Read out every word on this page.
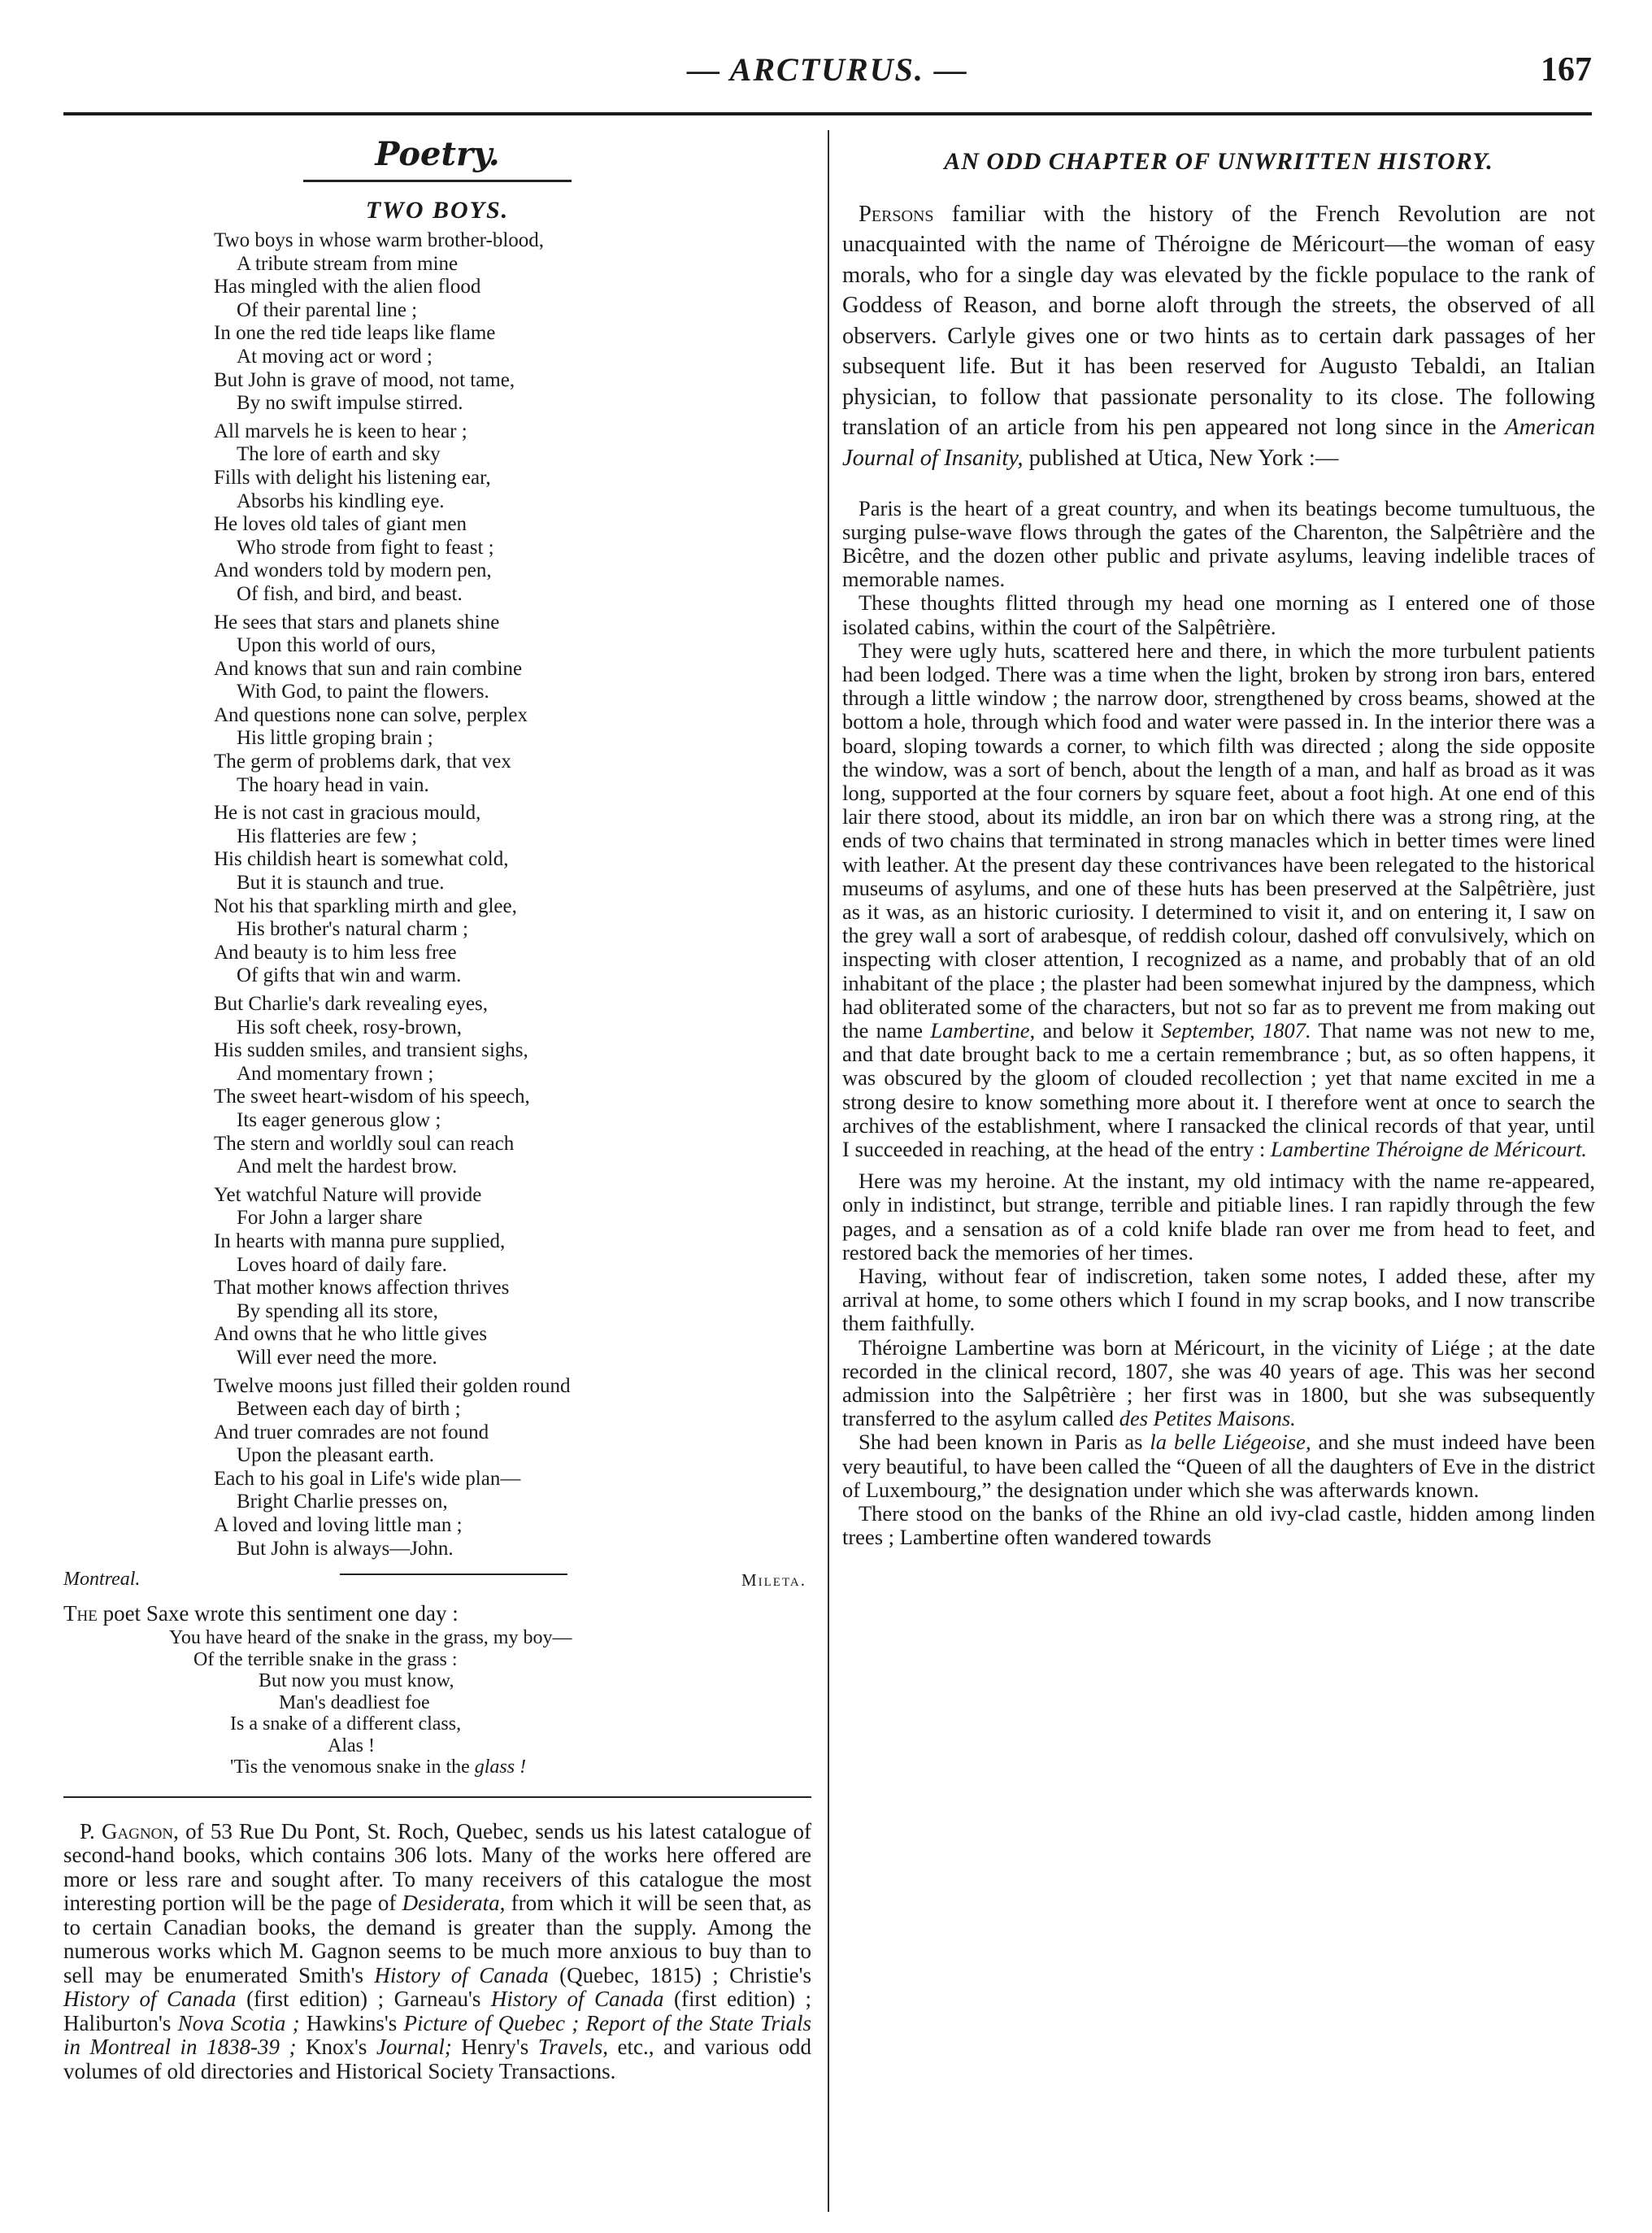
— ARCTURUS. —	167
Poetry.
TWO BOYS.
Two boys in whose warm brother-blood,
A tribute stream from mine
Has mingled with the alien flood
Of their parental line ;
In one the red tide leaps like flame
At moving act or word ;
But John is grave of mood, not tame,
By no swift impulse stirred.
All marvels he is keen to hear ;
The lore of earth and sky
Fills with delight his listening ear,
Absorbs his kindling eye.
He loves old tales of giant men
Who strode from fight to feast ;
And wonders told by modern pen,
Of fish, and bird, and beast.
He sees that stars and planets shine
Upon this world of ours,
And knows that sun and rain combine
With God, to paint the flowers.
And questions none can solve, perplex
His little groping brain ;
The germ of problems dark, that vex
The hoary head in vain.
He is not cast in gracious mould,
His flatteries are few ;
His childish heart is somewhat cold,
But it is staunch and true.
Not his that sparkling mirth and glee,
His brother's natural charm ;
And beauty is to him less free
Of gifts that win and warm.
But Charlie's dark revealing eyes,
His soft cheek, rosy-brown,
His sudden smiles, and transient sighs,
And momentary frown ;
The sweet heart-wisdom of his speech,
Its eager generous glow ;
The stern and worldly soul can reach
And melt the hardest brow.
Yet watchful Nature will provide
For John a larger share
In hearts with manna pure supplied,
Loves hoard of daily fare.
That mother knows affection thrives
By spending all its store,
And owns that he who little gives
Will ever need the more.
Twelve moons just filled their golden round
Between each day of birth ;
And truer comrades are not found
Upon the pleasant earth.
Each to his goal in Life's wide plan—
Bright Charlie presses on,
A loved and loving little man ;
But John is always—John.
Montreal.	Mileta.
The poet Saxe wrote this sentiment one day :
You have heard of the snake in the grass, my boy—
Of the terrible snake in the grass :
But now you must know,
Man's deadliest foe
Is a snake of a different class,
Alas !
'Tis the venomous snake in the glass !

P. Gagnon, of 53 Rue Du Pont, St. Roch, Quebec, sends us his latest catalogue of second-hand books, which contains 306 lots. Many of the works here offered are more or less rare and sought after. To many receivers of this catalogue the most interesting portion will be the page of Desiderata, from which it will be seen that, as to certain Canadian books, the demand is greater than the supply. Among the numerous works which M. Gagnon seems to be much more anxious to buy than to sell may be enumerated Smith's History of Canada (Quebec, 1815) ; Christie's History of Canada (first edition) ; Garneau's History of Canada (first edition) ; Haliburton's Nova Scotia ; Hawkins's Picture of Quebec ; Report of the State Trials in Montreal in 1838-39 ; Knox's Journal; Henry's Travels, etc., and various odd volumes of old directories and Historical Society Transactions.

AN ODD CHAPTER OF UNWRITTEN HISTORY.

Persons familiar with the history of the French Revolution are not unacquainted with the name of Théroigne de Méricourt—the woman of easy morals, who for a single day was elevated by the fickle populace to the rank of Goddess of Reason, and borne aloft through the streets, the observed of all observers. Carlyle gives one or two hints as to certain dark passages of her subsequent life. But it has been reserved for Augusto Tebaldi, an Italian physician, to follow that passionate personality to its close. The following translation of an article from his pen appeared not long since in the American Journal of Insanity, published at Utica, New York :—

Paris is the heart of a great country, and when its beatings become tumultuous, the surging pulse-wave flows through the gates of the Charenton, the Salpêtrière and the Bicêtre, and the dozen other public and private asylums, leaving indelible traces of memorable names.

These thoughts flitted through my head one morning as I entered one of those isolated cabins, within the court of the Salpêtrière.

They were ugly huts, scattered here and there, in which the more turbulent patients had been lodged. There was a time when the light, broken by strong iron bars, entered through a little window ; the narrow door, strengthened by cross beams, showed at the bottom a hole, through which food and water were passed in. In the interior there was a board, sloping towards a corner, to which filth was directed ; along the side opposite the window, was a sort of bench, about the length of a man, and half as broad as it was long, supported at the four corners by square feet, about a foot high. At one end of this lair there stood, about its middle, an iron bar on which there was a strong ring, at the ends of two chains that terminated in strong manacles which in better times were lined with leather. At the present day these contrivances have been relegated to the historical museums of asylums, and one of these huts has been preserved at the Salpêtrière, just as it was, as an historic curiosity. I determined to visit it, and on entering it, I saw on the grey wall a sort of arabesque, of reddish colour, dashed off convulsively, which on inspecting with closer attention, I recognized as a name, and probably that of an old inhabitant of the place ; the plaster had been somewhat injured by the dampness, which had obliterated some of the characters, but not so far as to prevent me from making out the name Lambertine, and below it September, 1807. That name was not new to me, and that date brought back to me a certain remembrance ; but, as so often happens, it was obscured by the gloom of clouded recollection ; yet that name excited in me a strong desire to know something more about it. I therefore went at once to search the archives of the establishment, where I ransacked the clinical records of that year, until I succeeded in reaching, at the head of the entry : Lambertine Théroigne de Méricourt.

Here was my heroine. At the instant, my old intimacy with the name re-appeared, only in indistinct, but strange, terrible and pitiable lines. I ran rapidly through the few pages, and a sensation as of a cold knife blade ran over me from head to feet, and restored back the memories of her times.

Having, without fear of indiscretion, taken some notes, I added these, after my arrival at home, to some others which I found in my scrap books, and I now transcribe them faithfully.

Théroigne Lambertine was born at Méricourt, in the vicinity of Liége ; at the date recorded in the clinical record, 1807, she was 40 years of age. This was her second admission into the Salpêtrière ; her first was in 1800, but she was subsequently transferred to the asylum called des Petites Maisons.

She had been known in Paris as la belle Liégeoise, and she must indeed have been very beautiful, to have been called the “Queen of all the daughters of Eve in the district of Luxembourg,” the designation under which she was afterwards known.

There stood on the banks of the Rhine an old ivy-clad castle, hidden among linden trees ; Lambertine often wandered towards
